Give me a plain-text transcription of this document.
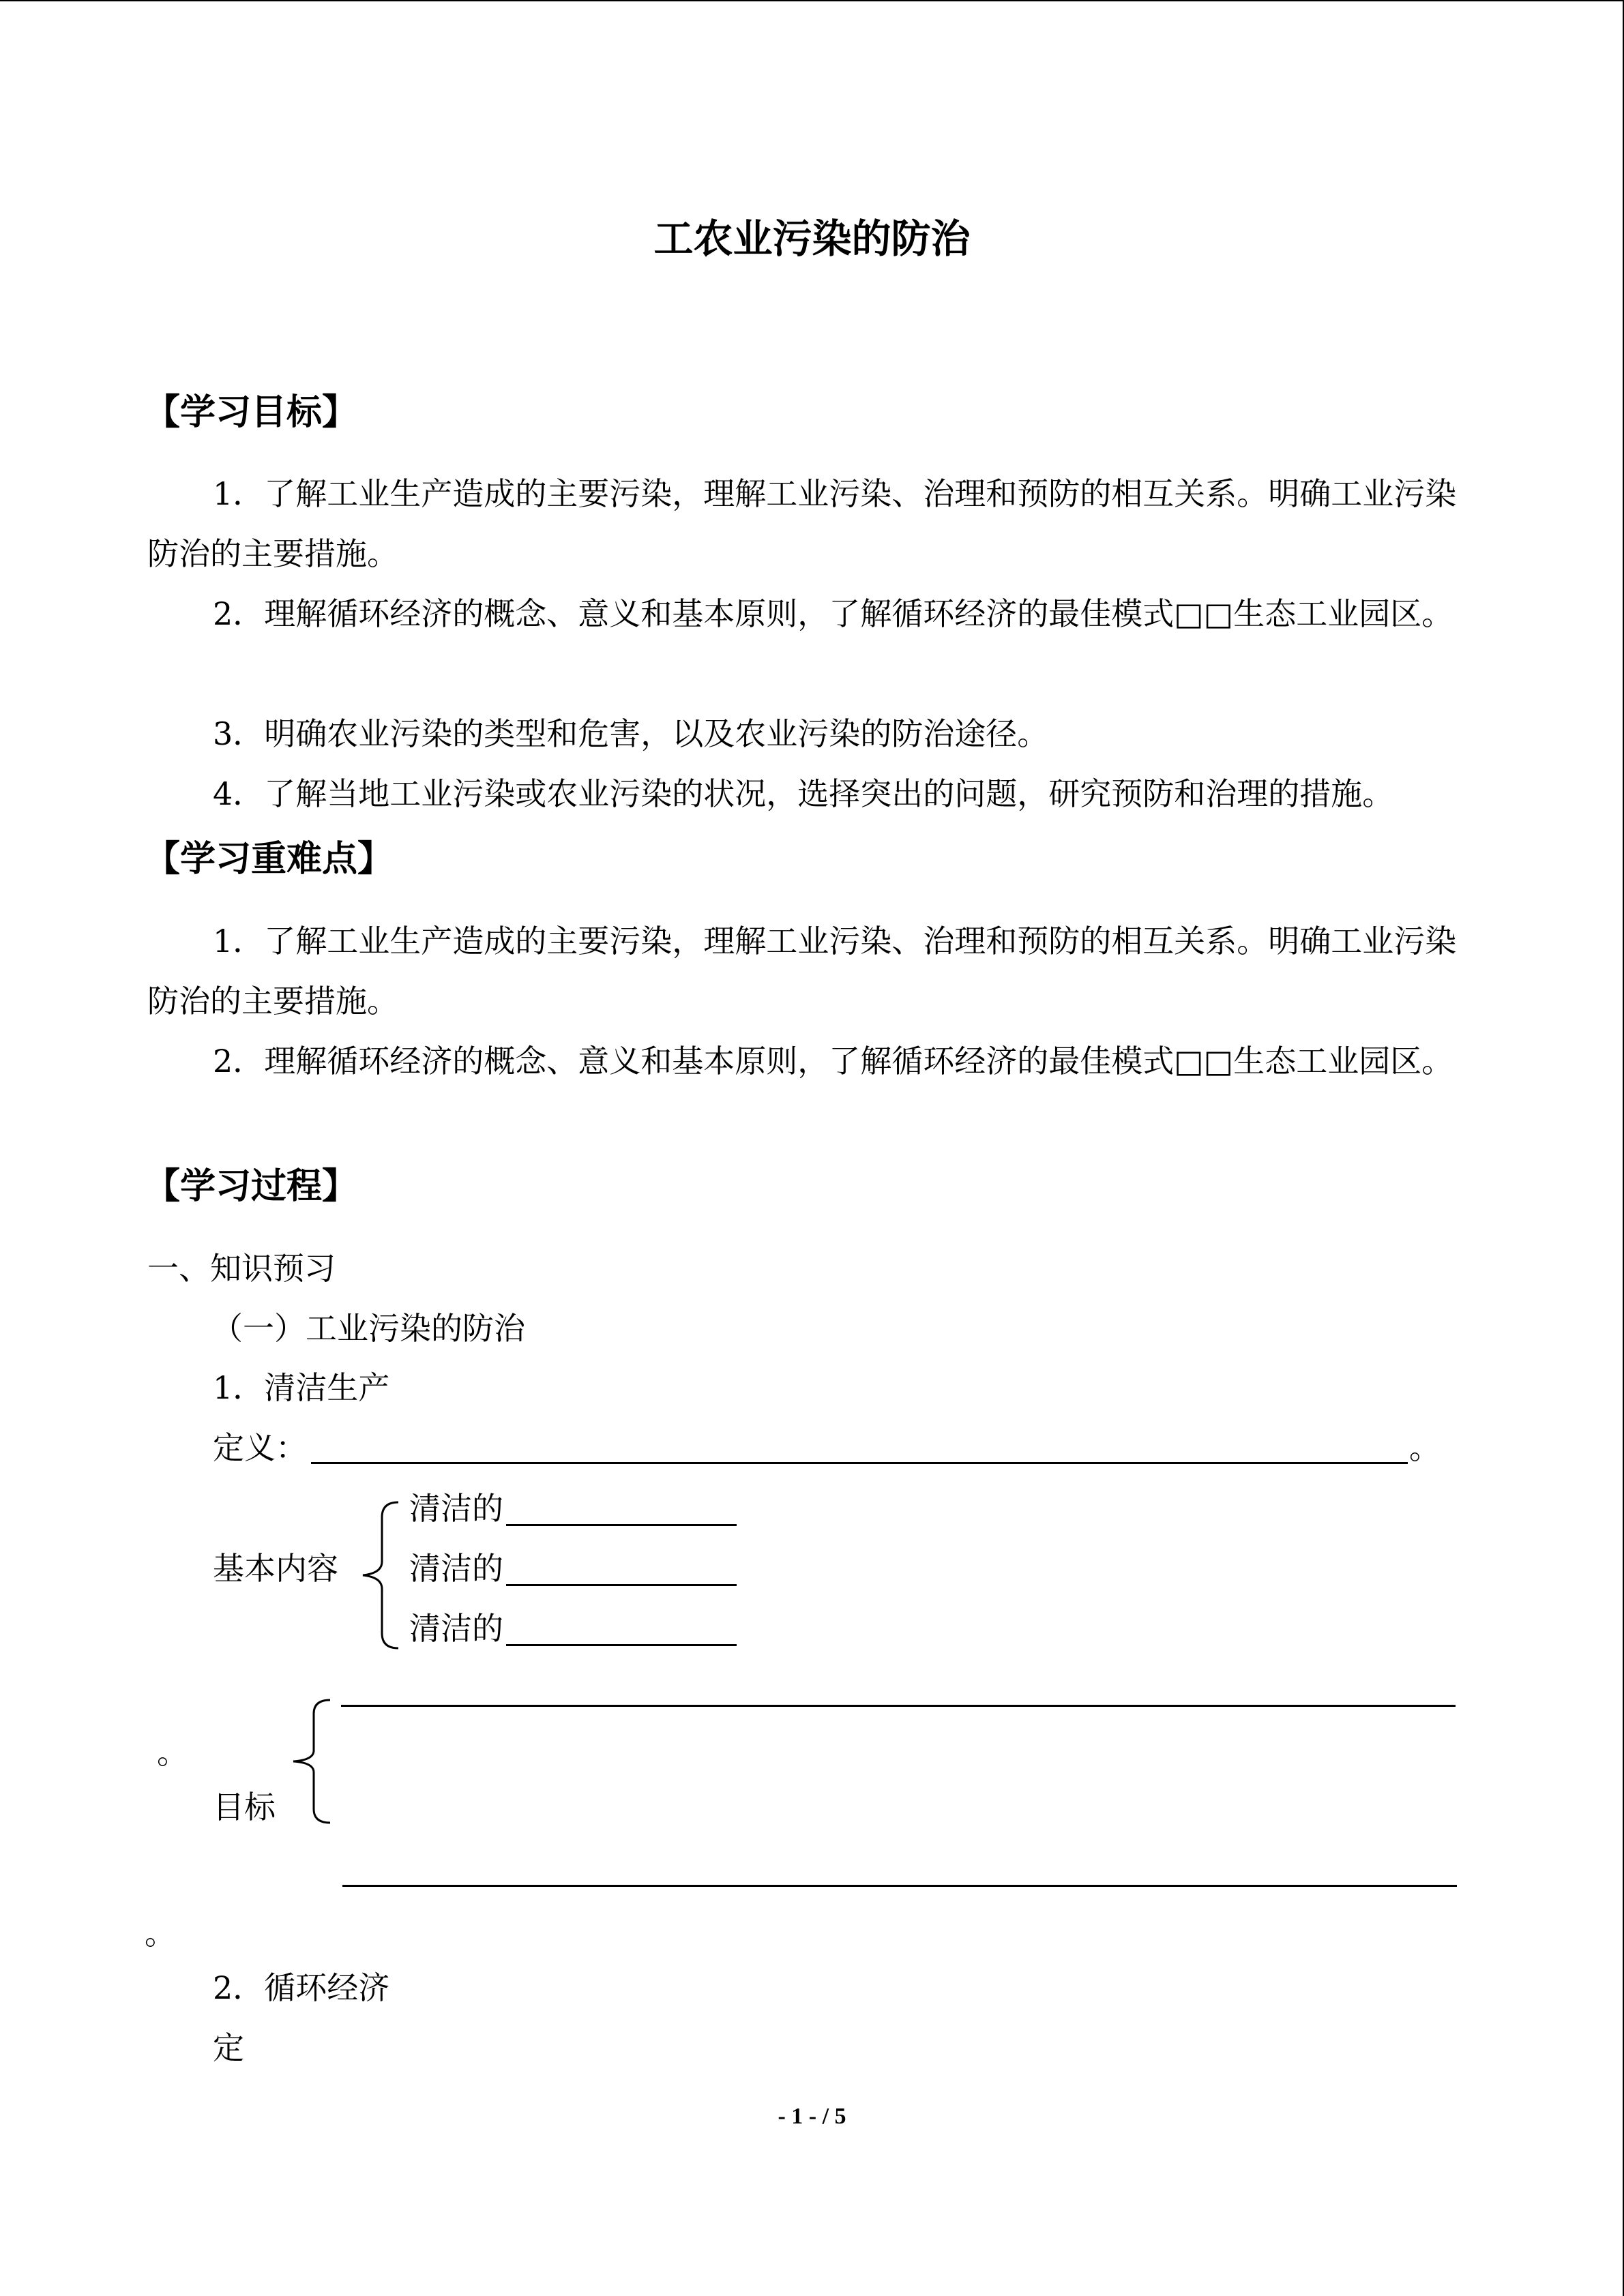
工农业污染的防治
【学习目标】
1．了解工业生产造成的主要污染，理解工业污染、治理和预防的相互关系。明确工业污染防治的主要措施。
2．理解循环经济的概念、意义和基本原则，了解循环经济的最佳模式□□生态工业园区。
3．明确农业污染的类型和危害，以及农业污染的防治途径。
4．了解当地工业污染或农业污染的状况，选择突出的问题，研究预防和治理的措施。
【学习重难点】
1．了解工业生产造成的主要污染，理解工业污染、治理和预防的相互关系。明确工业污染防治的主要措施。
2．理解循环经济的概念、意义和基本原则，了解循环经济的最佳模式□□生态工业园区。
【学习过程】
一、知识预习
（一）工业污染的防治
1．清洁生产
定义：	。
基本内容
清洁的
清洁的
清洁的
。
目标
。
2．循环经济
定
- 1 - / 5
